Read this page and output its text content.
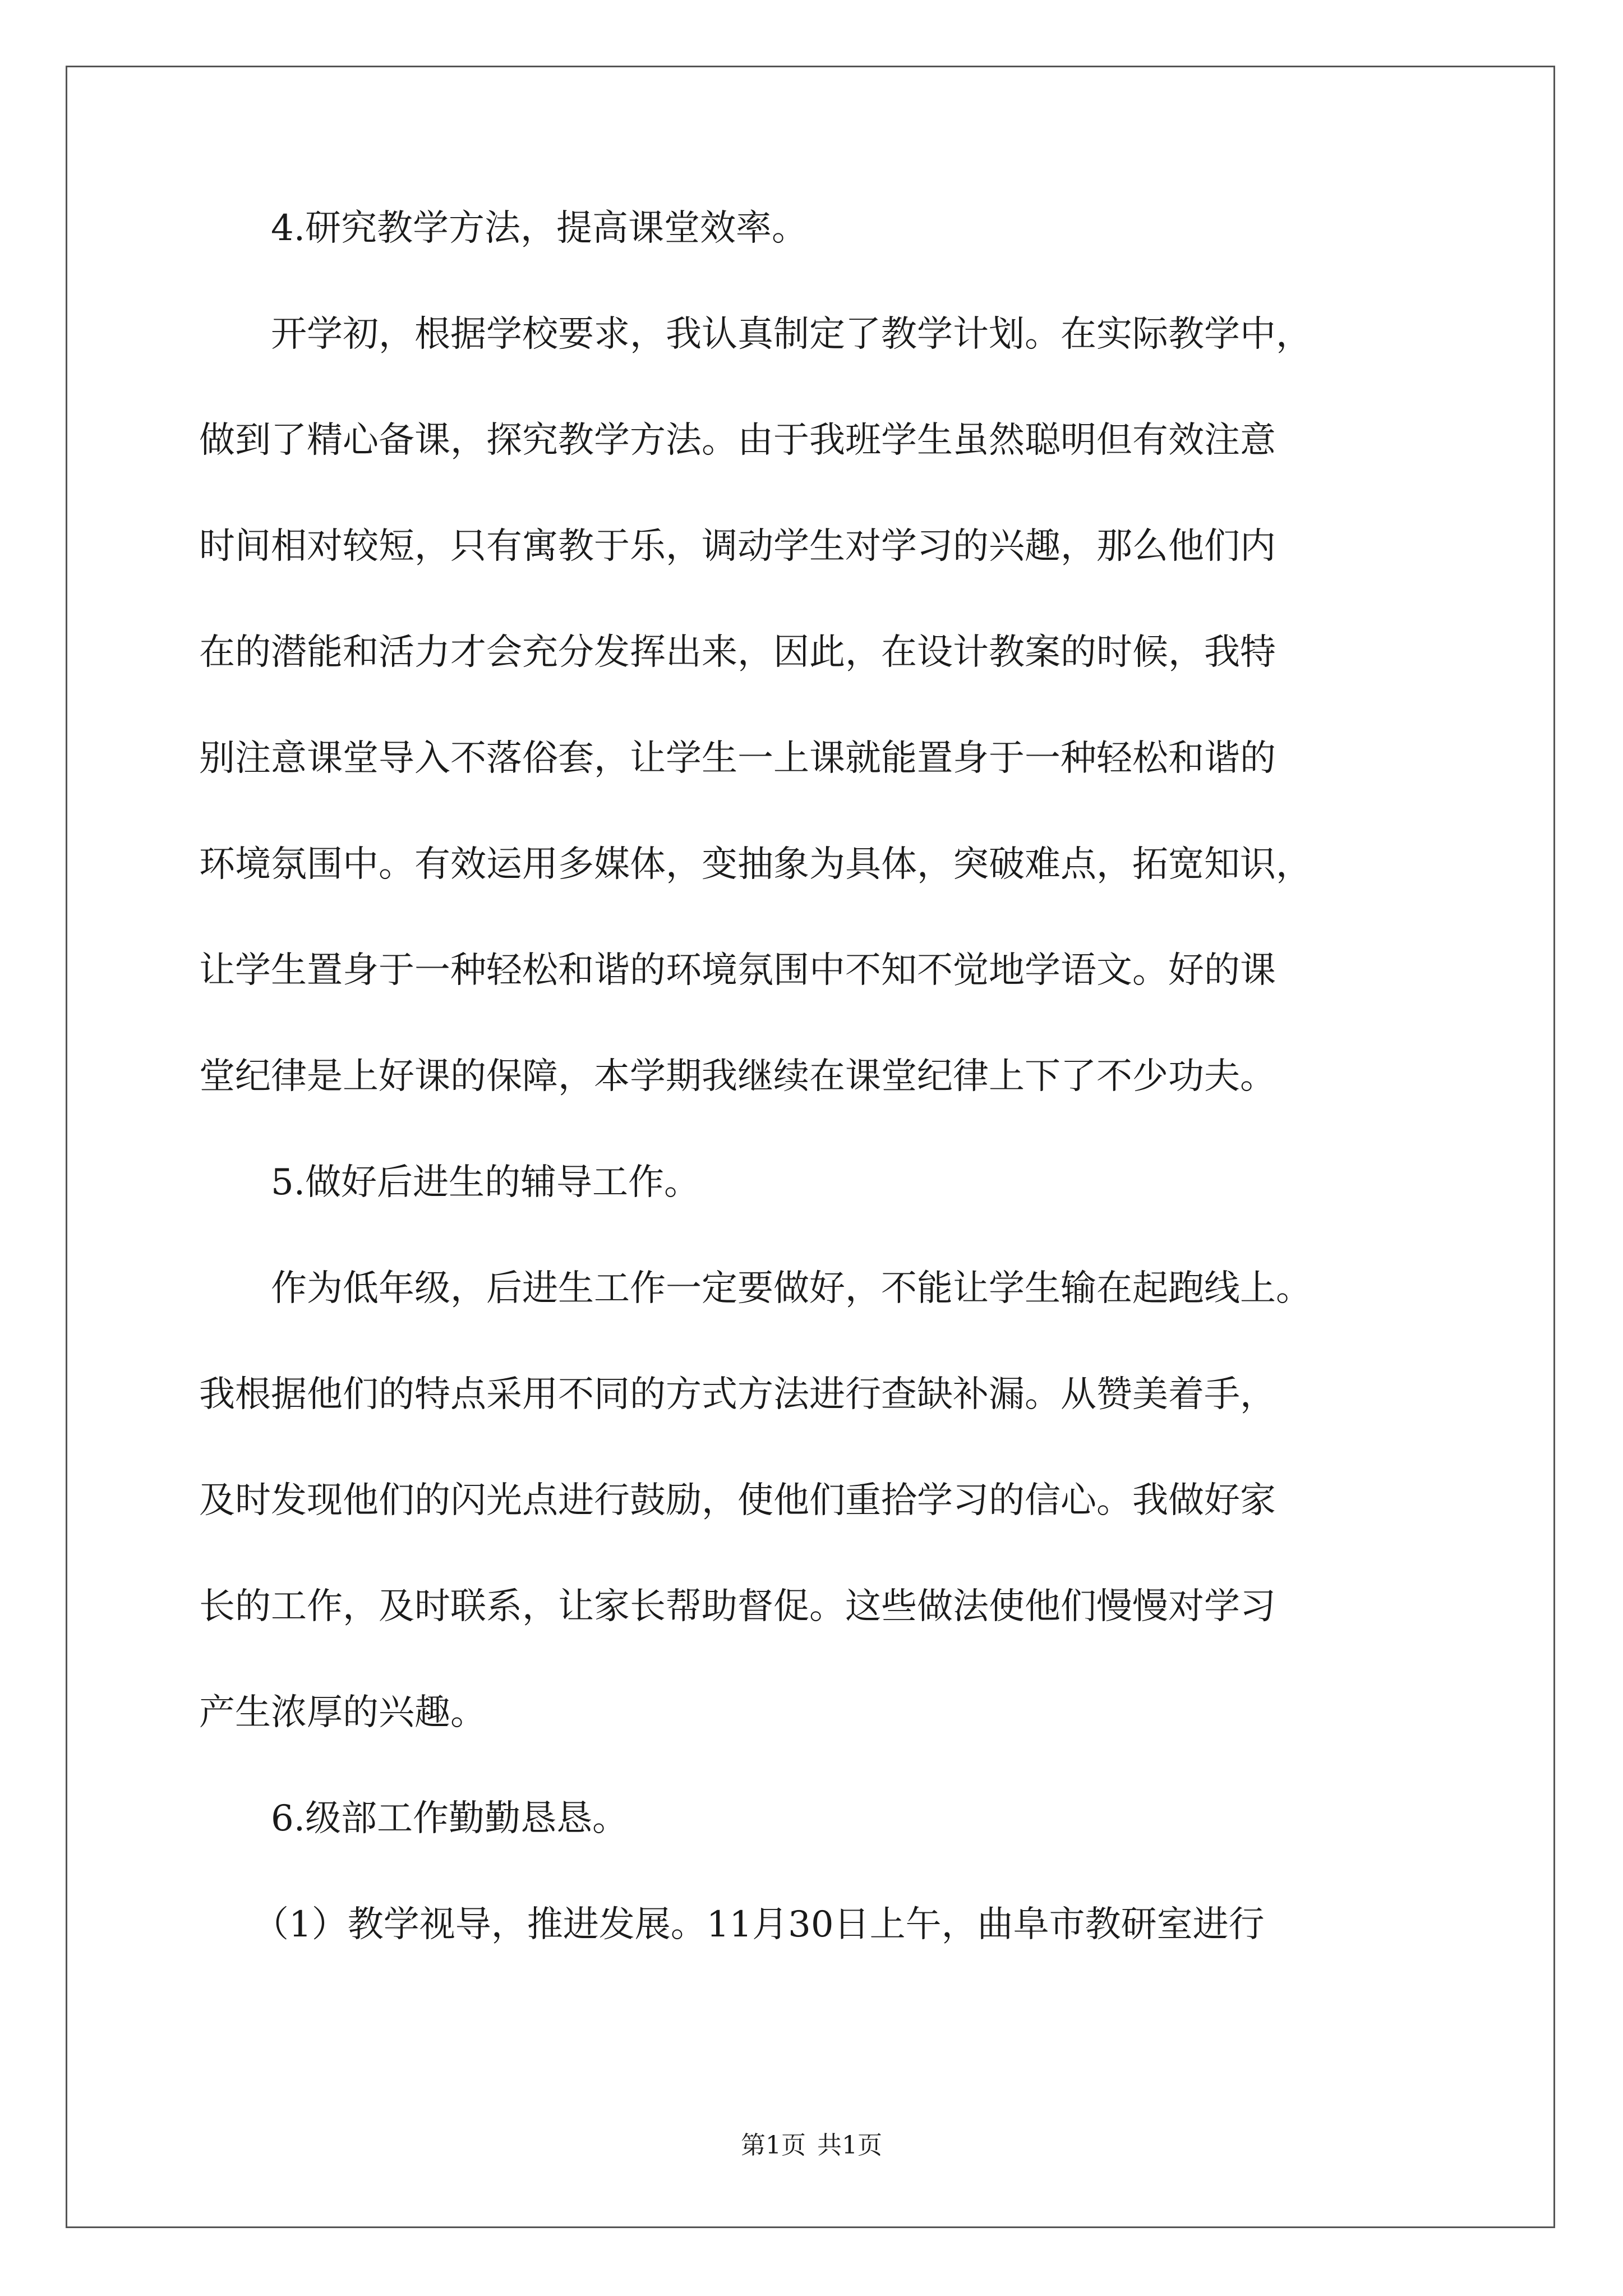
4.研究教学方法，提高课堂效率。
开学初，根据学校要求，我认真制定了教学计划。在实际教学中，
做到了精心备课，探究教学方法。由于我班学生虽然聪明但有效注意
时间相对较短，只有寓教于乐，调动学生对学习的兴趣，那么他们内
在的潜能和活力才会充分发挥出来，因此，在设计教案的时候，我特
别注意课堂导入不落俗套，让学生一上课就能置身于一种轻松和谐的
环境氛围中。有效运用多媒体，变抽象为具体，突破难点，拓宽知识，
让学生置身于一种轻松和谐的环境氛围中不知不觉地学语文。好的课
堂纪律是上好课的保障，本学期我继续在课堂纪律上下了不少功夫。
5.做好后进生的辅导工作。
作为低年级，后进生工作一定要做好，不能让学生输在起跑线上。
我根据他们的特点采用不同的方式方法进行查缺补漏。从赞美着手，
及时发现他们的闪光点进行鼓励，使他们重拾学习的信心。我做好家
长的工作，及时联系，让家长帮助督促。这些做法使他们慢慢对学习
产生浓厚的兴趣。
6.级部工作勤勤恳恳。
（1）教学视导，推进发展。11月30日上午，曲阜市教研室进行
第1页 共1页
